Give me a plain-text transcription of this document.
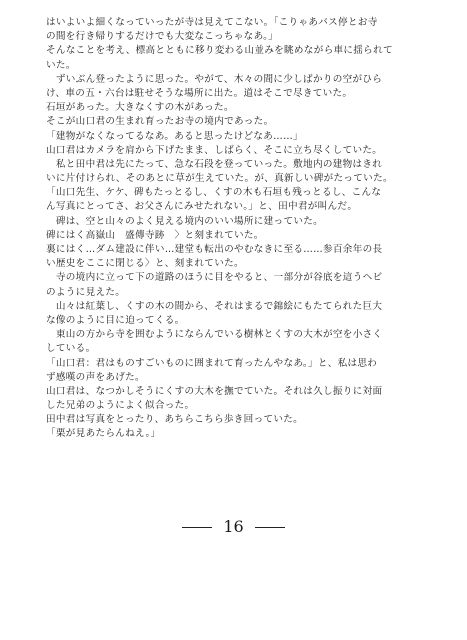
はいよいよ細くなっていったが寺は見えてこない。「こりゃあバス停とお寺
の間を行き帰りするだけでも大変なこっちゃなあ。」
そんなことを考え、標高とともに移り変わる山並みを眺めながら車に揺られて
いた。
　ずいぶん登ったように思った。やがて、木々の間に少しばかりの空がひら
け、車の五・六台は駐せそうな場所に出た。道はそこで尽きていた。
石垣があった。大きなくすの木があった。
そこが山口君の生まれ育ったお寺の境内であった。
「建物がなくなってるなあ。あると思ったけどなあ……」
山口君はカメラを肩から下げたまま、しばらく、そこに立ち尽くしていた。
　私と田中君は先にたって、急な石段を登っていった。敷地内の建物はきれ
いに片付けられ、そのあとに草が生えていた。が、真新しい碑がたっていた。
「山口先生、ケケ、碑もたっとるし、くすの木も石垣も残っとるし、こんな
ん写真にとってさ、お父さんにみせたれない。」と、田中君が叫んだ。
　碑は、空と山々のよく見える境内のいい場所に建っていた。
碑にはく高嶽山　盛傳寺跡　〉と刻まれていた。
裏にはく…ダム建設に伴い…建堂も転出のやむなきに至る……参百余年の長
い歴史をここに閉じる〉と、刻まれていた。
　寺の境内に立って下の道路のほうに目をやると、一部分が谷底を這うヘビ
のように見えた。
　山々は紅葉し、くすの木の間から、それはまるで錦絵にもたてられた巨大
な像のように目に迫ってくる。
　東山の方から寺を囲むようにならんでいる樹林とくすの大木が空を小さく
している。
「山口君：君はものすごいものに囲まれて育ったんやなあ。」と、私は思わ
ず感嘆の声をあげた。
山口君は、なつかしそうにくすの大木を撫でていた。それは久し振りに対面
した兄弟のようによく似合った。
田中君は写真をとったり、あちらこちら歩き回っていた。
「栗が見あたらんねえ。」
16
